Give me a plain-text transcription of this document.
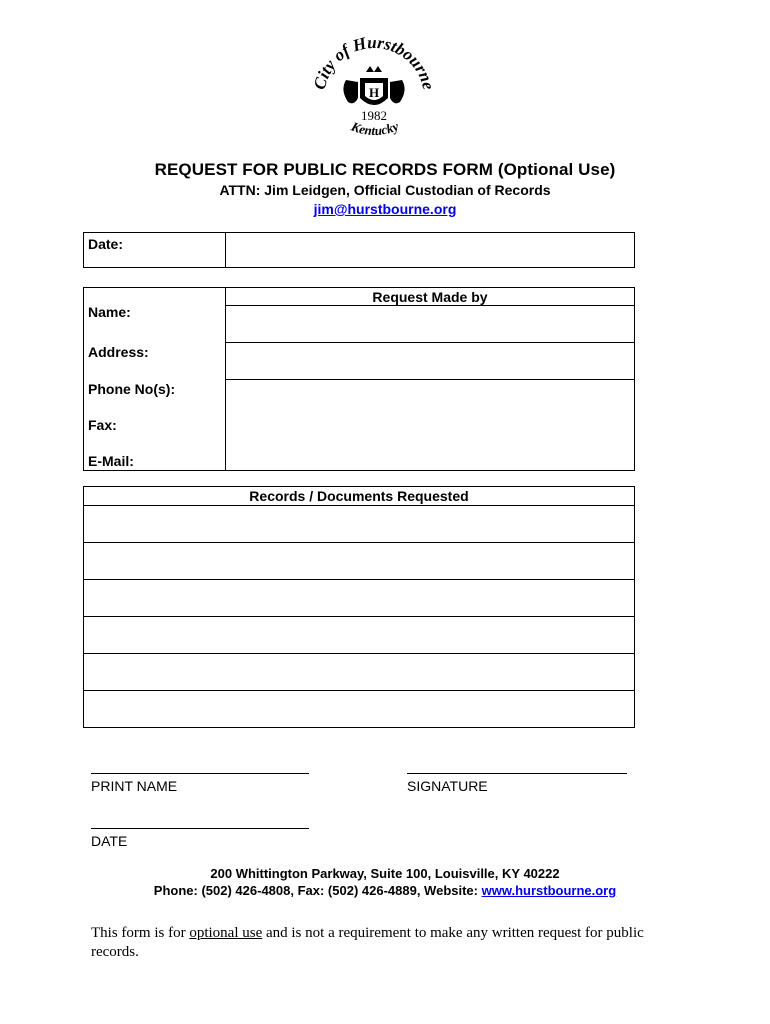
City of Hurstbourne
H
1982
Kentucky
REQUEST FOR PUBLIC RECORDS FORM (Optional Use)
ATTN: Jim Leidgen, Official Custodian of Records
jim@hurstbourne.org
Date:	
	Request Made by

Name:	

Address:	

Phone No(s):
Fax:
E-Mail:	

Records / Documents Requested

PRINT NAME	SIGNATURE
DATE
200 Whittington Parkway, Suite 100, Louisville, KY 40222
Phone: (502) 426-4808, Fax: (502) 426-4889, Website: www.hurstbourne.org
This form is for optional use and is not a requirement to make any written request for public records.
